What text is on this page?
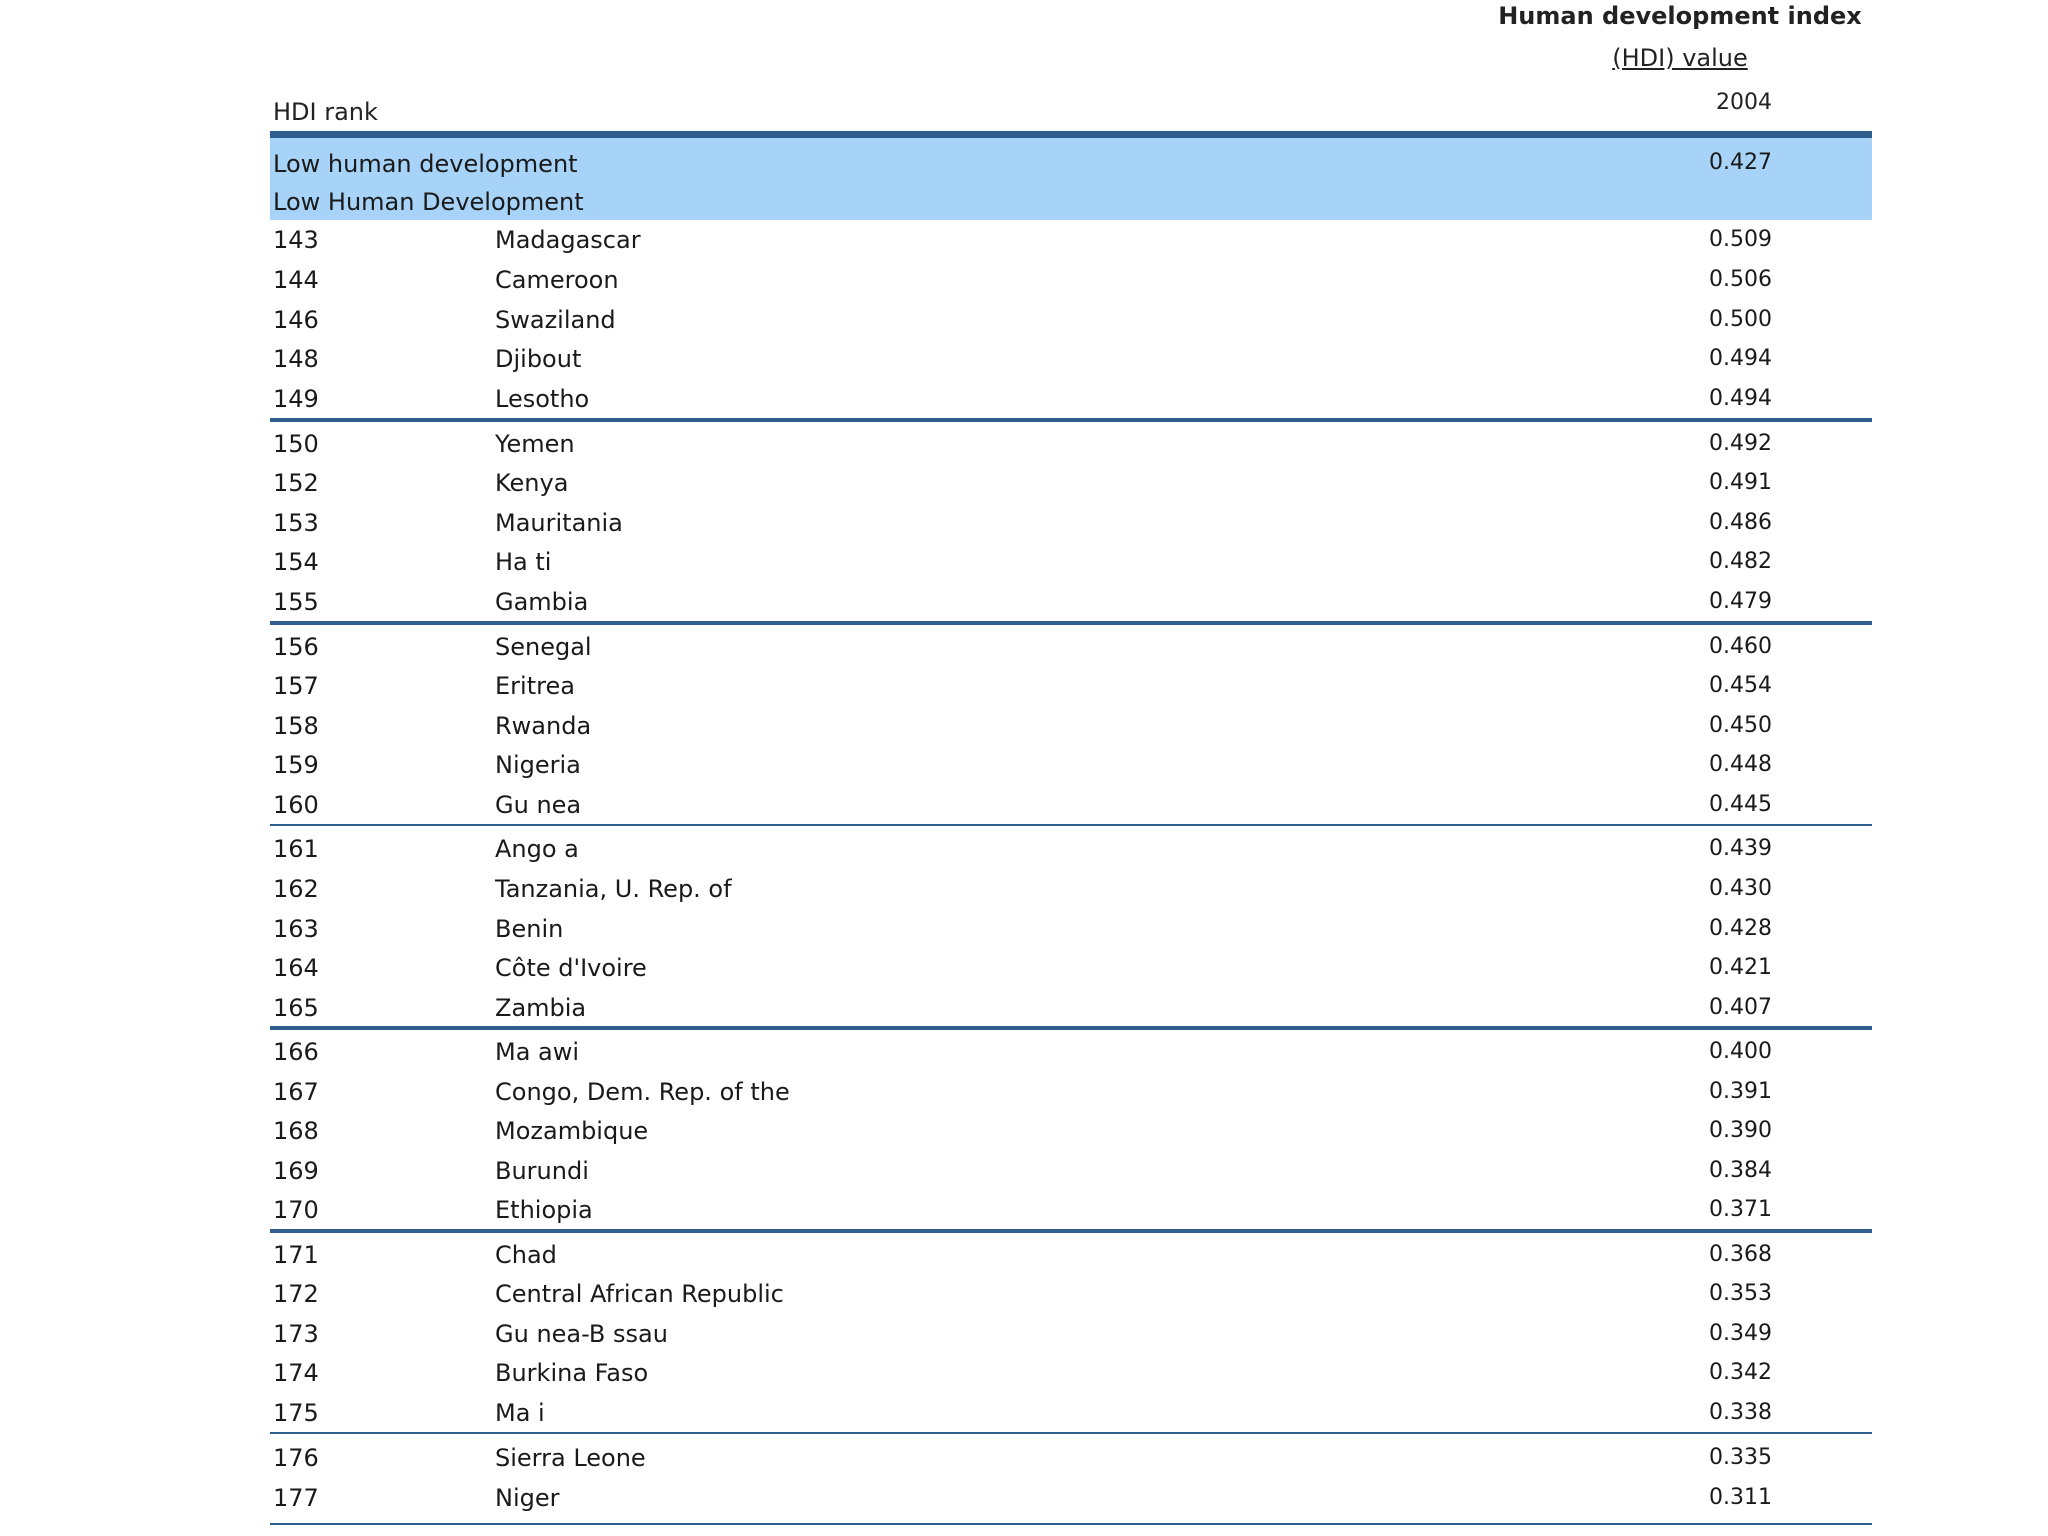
Human development index
(HDI) value
2004
HDI rank
Low human development
Low Human Development
0.427
143	Madagascar	0.509
144	Cameroon	0.506
146	Swaziland	0.500
148	Djibout	0.494
149	Lesotho	0.494
150	Yemen	0.492
152	Kenya	0.491
153	Mauritania	0.486
154	Ha ti	0.482
155	Gambia	0.479
156	Senegal	0.460
157	Eritrea	0.454
158	Rwanda	0.450
159	Nigeria	0.448
160	Gu nea	0.445
161	Ango a	0.439
162	Tanzania, U. Rep. of	0.430
163	Benin	0.428
164	Côte d'Ivoire	0.421
165	Zambia	0.407
166	Ma awi	0.400
167	Congo, Dem. Rep. of the	0.391
168	Mozambique	0.390
169	Burundi	0.384
170	Ethiopia	0.371
171	Chad	0.368
172	Central African Republic	0.353
173	Gu nea-B ssau	0.349
174	Burkina Faso	0.342
175	Ma i	0.338
176	Sierra Leone	0.335
177	Niger	0.311
